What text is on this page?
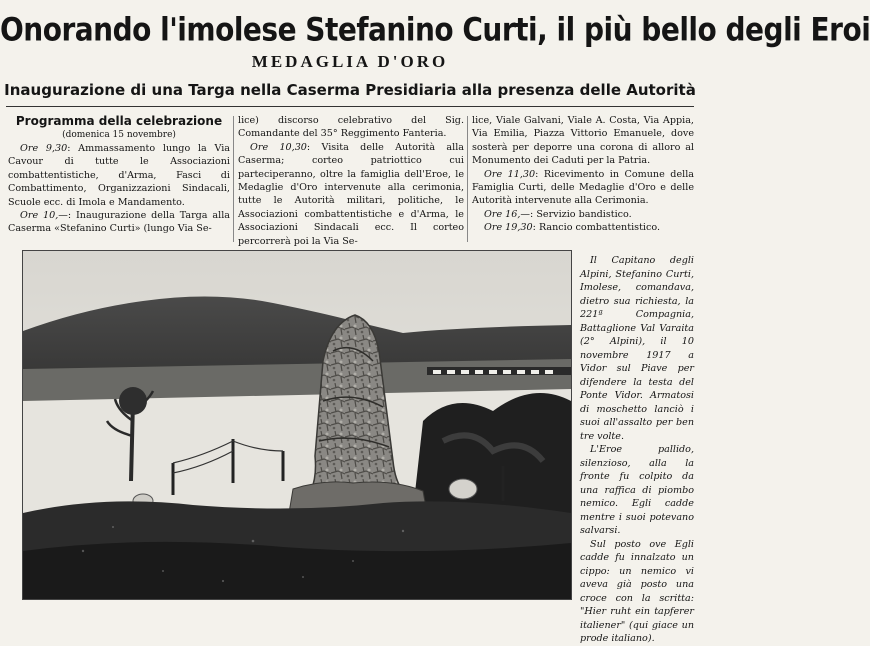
Onorando l'imolese Stefanino Curti, il più bello degli Eroi
MEDAGLIA D'ORO
Inaugurazione di una Targa nella Caserma Presidiaria alla presenza delle Autorità
Programma della celebrazione
(domenica 15 novembre)

Ore 9,30: Ammassamento lungo la Via Cavour di tutte le Associazioni combattentistiche, d'Arma, Fasci di Combattimento, Organizzazioni Sindacali, Scuole ecc. di Imola e Mandamento.

Ore 10,—: Inaugurazione della Targa alla Caserma «Stefanino Curti» (lungo Via Se-

lice) discorso celebrativo del Sig. Comandante del 35° Reggimento Fanteria.

Ore 10,30: Visita delle Autorità alla Caserma; corteo patriottico cui parteciperanno, oltre la famiglia dell'Eroe, le Medaglie d'Oro intervenute alla cerimonia, tutte le Autorità militari, politiche, le Associazioni combattentistiche e d'Arma, le Associazioni Sindacali ecc. Il corteo percorrerà poi la Via Se-

lice, Viale Galvani, Viale A. Costa, Via Appia, Via Emilia, Piazza Vittorio Emanuele, dove sosterà per deporre una corona di alloro al Monumento dei Caduti per la Patria.

Ore 11,30: Ricevimento in Comune della Famiglia Curti, delle Medaglie d'Oro e delle Autorità intervenute alla Cerimonia.

Ore 16,—: Servizio bandistico.

Ore 19,30: Rancio combattentistico.

Il Capitano degli Alpini, Stefanino Curti, Imolese, comandava, dietro sua richiesta, la 221ª Compagnia, Battaglione Val Varaita (2° Alpini), il 10 novembre 1917 a Vidor sul Piave per difendere la testa del Ponte Vidor. Armatosi di moschetto lanciò i suoi all'assalto per ben tre volte.

L'Eroe pallido, silenzioso, alla la fronte fu colpito da una raffica di piombo nemico. Egli cadde mentre i suoi potevano salvarsi.

Sul posto ove Egli cadde fu innalzato un cippo: un nemico vi aveva già posto una croce con la scritta: "Hier ruht ein tapferer italiener" (qui giace un prode italiano).
